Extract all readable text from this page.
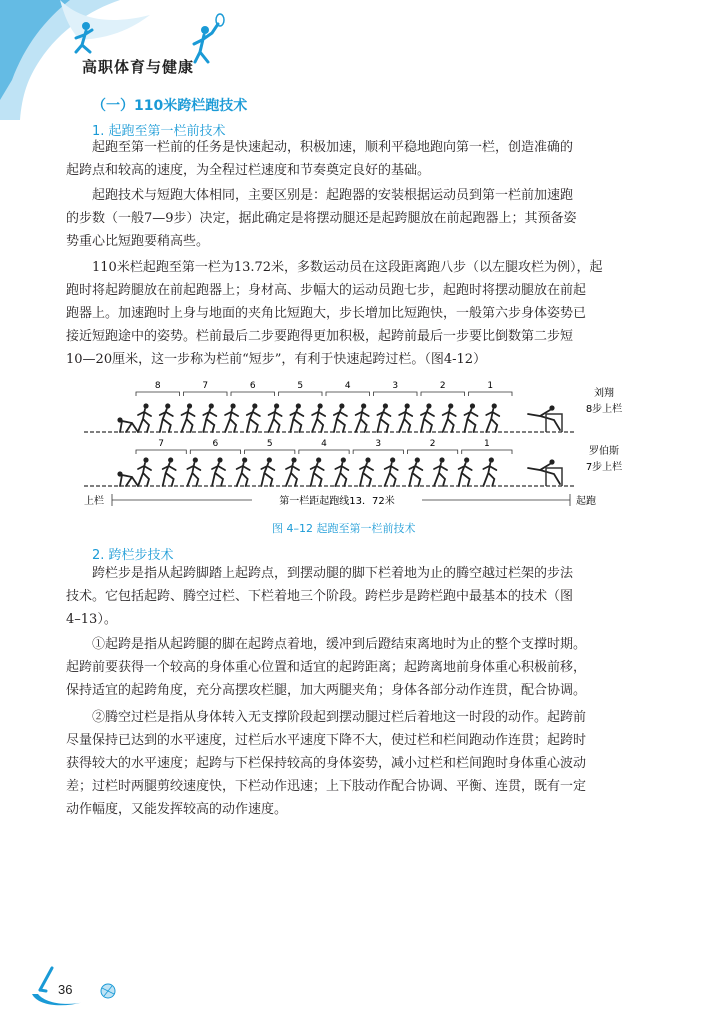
高职体育与健康
（一）110米跨栏跑技术
1. 起跑至第一栏前技术
起跑至第一栏前的任务是快速起动，积极加速，顺利平稳地跑向第一栏，创造准确的
起跨点和较高的速度，为全程过栏速度和节奏奠定良好的基础。
起跑技术与短跑大体相同，主要区别是：起跑器的安装根据运动员到第一栏前加速跑
的步数（一般7—9步）决定，据此确定是将摆动腿还是起跨腿放在前起跑器上；其预备姿
势重心比短跑要稍高些。
110米栏起跑至第一栏为13.72米，多数运动员在这段距离跑八步（以左腿攻栏为例），起
跑时将起跨腿放在前起跑器上；身材高、步幅大的运动员跑七步，起跑时将摆动腿放在前起
跑器上。加速跑时上身与地面的夹角比短跑大，步长增加比短跑快，一般第六步身体姿势已
接近短跑途中的姿势。栏前最后二步要跑得更加积极，起跨前最后一步要比倒数第二步短
10—20厘米，这一步称为栏前“短步”，有利于快速起跨过栏。（图4-12）
8	7	6	5	4	3	2	1
刘翔
8步上栏
7	6	5	4	3	2	1
罗伯斯
7步上栏
上栏	起跑
第一栏距起跑线13．72米
图 4–12 起跑至第一栏前技术
2. 跨栏步技术
跨栏步是指从起跨脚踏上起跨点，到摆动腿的脚下栏着地为止的腾空越过栏架的步法
技术。它包括起跨、腾空过栏、下栏着地三个阶段。跨栏步是跨栏跑中最基本的技术（图
4–13）。
①起跨是指从起跨腿的脚在起跨点着地，缓冲到后蹬结束离地时为止的整个支撑时期。
起跨前要获得一个较高的身体重心位置和适宜的起跨距离；起跨离地前身体重心积极前移，
保持适宜的起跨角度，充分高摆攻栏腿，加大两腿夹角；身体各部分动作连贯，配合协调。
②腾空过栏是指从身体转入无支撑阶段起到摆动腿过栏后着地这一时段的动作。起跨前
尽量保持已达到的水平速度，过栏后水平速度下降不大，使过栏和栏间跑动作连贯；起跨时
获得较大的水平速度；起跨与下栏保持较高的身体姿势，减小过栏和栏间跑时身体重心波动
差；过栏时两腿剪绞速度快，下栏动作迅速；上下肢动作配合协调、平衡、连贯，既有一定
动作幅度，又能发挥较高的动作速度。
36
